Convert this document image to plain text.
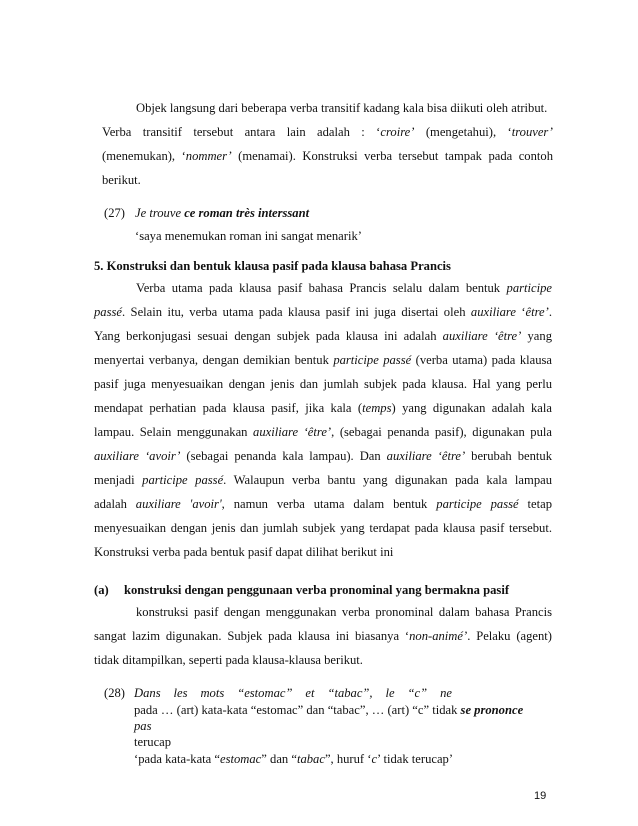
Objek langsung dari beberapa verba transitif kadang kala bisa diikuti oleh atribut.
Verba transitif tersebut antara lain adalah : ‘croire’ (mengetahui), ‘trouver’
(menemukan), ‘nommer’ (menamai). Konstruksi verba tersebut tampak pada contoh
berikut.
(27) Je trouve ce roman très interssant
‘saya menemukan roman ini sangat menarik’
5. Konstruksi dan bentuk klausa pasif pada klausa bahasa Prancis
Verba utama pada klausa pasif bahasa Prancis selalu dalam bentuk participe
passé. Selain itu, verba utama pada klausa pasif ini juga disertai oleh auxiliare ‘être’.
Yang berkonjugasi sesuai dengan subjek pada klausa ini adalah auxiliare ‘être’ yang
menyertai verbanya, dengan demikian bentuk participe passé (verba utama) pada klausa
pasif juga menyesuaikan dengan jenis dan jumlah subjek pada klausa. Hal yang perlu
mendapat perhatian pada klausa pasif, jika kala (temps) yang digunakan adalah kala
lampau. Selain menggunakan auxiliare ‘être’, (sebagai penanda pasif), digunakan pula
auxiliare ‘avoir’ (sebagai penanda kala lampau). Dan auxiliare ‘être’ berubah bentuk
menjadi participe passé. Walaupun verba bantu yang digunakan pada kala lampau
adalah auxiliare 'avoir', namun verba utama dalam bentuk participe passé tetap
menyesuaikan dengan jenis dan jumlah subjek yang terdapat pada klausa pasif tersebut.
Konstruksi verba pada bentuk pasif dapat dilihat berikut ini
(a) konstruksi dengan penggunaan verba pronominal yang bermakna pasif
konstruksi pasif dengan menggunakan verba pronominal dalam bahasa Prancis
sangat lazim digunakan. Subjek pada klausa ini biasanya ‘non-animé’. Pelaku (agent)
tidak ditampilkan, seperti pada klausa-klausa berikut.
(28) Dans les mots “estomac” et “tabac”, le “c” ne
pada … (art) kata-kata “estomac” dan “tabac”, … (art) “c” tidak se prononce
pas
terucap
‘pada kata-kata “estomac” dan “tabac”, huruf ‘c’ tidak terucap’
19
